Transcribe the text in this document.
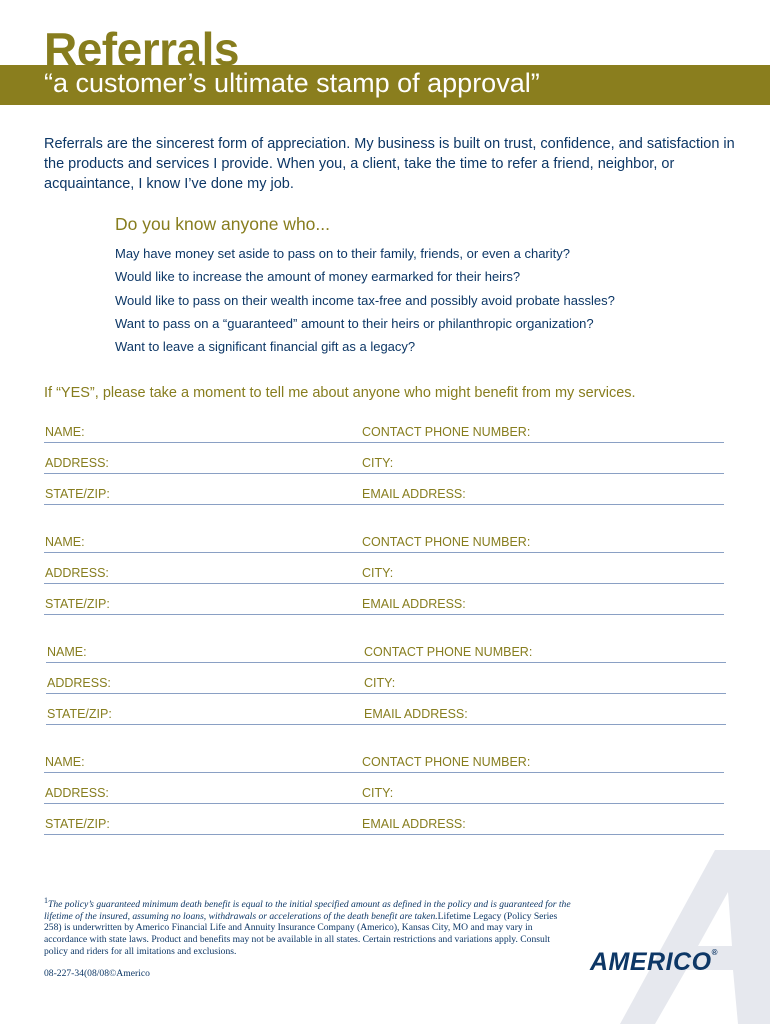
Referrals
“a customer’s ultimate stamp of approval”

Referrals are the sincerest form of appreciation. My business is built on trust, confidence, and satisfaction in the products and services I provide. When you, a client, take the time to refer a friend, neighbor, or acquaintance, I know I’ve done my job.

Do you know anyone who...
May have money set aside to pass on to their family, friends, or even a charity?
Would like to increase the amount of money earmarked for their heirs?
Would like to pass on their wealth income tax-free and possibly avoid probate hassles?
Want to pass on a “guaranteed” amount to their heirs or philanthropic organization?
Want to leave a significant financial gift as a legacy?
If “YES”, please take a moment to tell me about anyone who might benefit from my services.
NAME:	CONTACT PHONE NUMBER:
ADDRESS:	CITY:
STATE/ZIP:	EMAIL ADDRESS:
NAME:	CONTACT PHONE NUMBER:
ADDRESS:	CITY:
STATE/ZIP:	EMAIL ADDRESS:
NAME:	CONTACT PHONE NUMBER:
ADDRESS:	CITY:
STATE/ZIP:	EMAIL ADDRESS:
NAME:	CONTACT PHONE NUMBER:
ADDRESS:	CITY:
STATE/ZIP:	EMAIL ADDRESS:

$^1$The policy’s guaranteed minimum death benefit is equal to the initial specified amount as defined in the policy and is guaranteed for the lifetime of the insured, assuming no loans, withdrawals or accelerations of the death benefit are taken.Lifetime Legacy (Policy Series 258) is underwritten by Americo Financial Life and Annuity Insurance Company (Americo), Kansas City, MO and may vary in accordance with state laws. Product and benefits may not be available in all states. Certain restrictions and variations apply. Consult policy and riders for all imitations and exclusions.

08-227-34(08/08©Americo	AMERICO®
